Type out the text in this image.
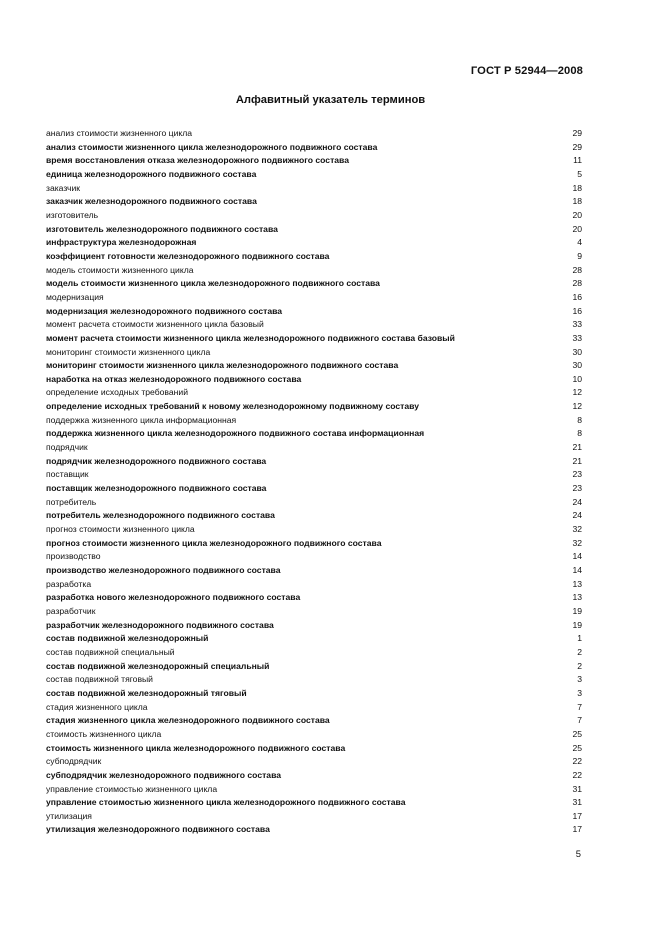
ГОСТ Р 52944—2008
Алфавитный указатель терминов
анализ стоимости жизненного цикла	29
анализ стоимости жизненного цикла железнодорожного подвижного состава	29
время восстановления отказа железнодорожного подвижного состава	11
единица железнодорожного подвижного состава	5
заказчик	18
заказчик железнодорожного подвижного состава	18
изготовитель	20
изготовитель железнодорожного подвижного состава	20
инфраструктура железнодорожная	4
коэффициент готовности железнодорожного подвижного состава	9
модель стоимости жизненного цикла	28
модель стоимости жизненного цикла железнодорожного подвижного состава	28
модернизация	16
модернизация железнодорожного подвижного состава	16
момент расчета стоимости жизненного цикла базовый	33
момент расчета стоимости жизненного цикла железнодорожного подвижного состава базовый	33
мониторинг стоимости жизненного цикла	30
мониторинг стоимости жизненного цикла железнодорожного подвижного состава	30
наработка на отказ железнодорожного подвижного состава	10
определение исходных требований	12
определение исходных требований к новому железнодорожному подвижному составу	12
поддержка жизненного цикла информационная	8
поддержка жизненного цикла железнодорожного подвижного состава информационная	8
подрядчик	21
подрядчик железнодорожного подвижного состава	21
поставщик	23
поставщик железнодорожного подвижного состава	23
потребитель	24
потребитель железнодорожного подвижного состава	24
прогноз стоимости жизненного цикла	32
прогноз стоимости жизненного цикла железнодорожного подвижного состава	32
производство	14
производство железнодорожного подвижного состава	14
разработка	13
разработка нового железнодорожного подвижного состава	13
разработчик	19
разработчик железнодорожного подвижного состава	19
состав подвижной железнодорожный	1
состав подвижной специальный	2
состав подвижной железнодорожный специальный	2
состав подвижной тяговый	3
состав подвижной железнодорожный тяговый	3
стадия жизненного цикла	7
стадия жизненного цикла железнодорожного подвижного состава	7
стоимость жизненного цикла	25
стоимость жизненного цикла железнодорожного подвижного состава	25
субподрядчик	22
субподрядчик железнодорожного подвижного состава	22
управление стоимостью жизненного цикла	31
управление стоимостью жизненного цикла железнодорожного подвижного состава	31
утилизация	17
утилизация железнодорожного подвижного состава	17
5
